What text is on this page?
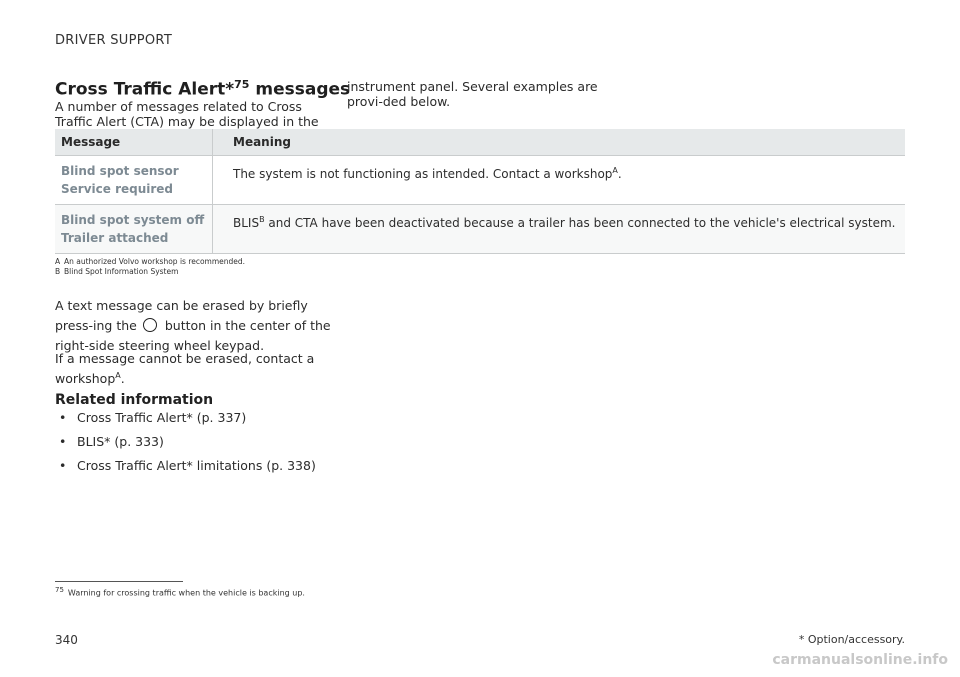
DRIVER SUPPORT
Cross Traffic Alert*$^{75}$ messages

A number of messages related to Cross Traffic Alert (CTA) may be displayed in the

instrument panel. Several examples are provi-ded below.

Message	Meaning

Blind spot sensor
Service required	The system is not functioning as intended. Contact a workshop$^A$.

Blind spot system off
Trailer attached	BLIS$^B$ and CTA have been deactivated because a trailer has been connected to the vehicle's electrical system.
A An authorized Volvo workshop is recommended.
B Blind Spot Information System

A text message can be erased by briefly press-ing the button in the center of the right-side steering wheel keypad.

If a message cannot be erased, contact a workshop$^A$.

Related information
• Cross Traffic Alert* (p. 337)
• BLIS* (p. 333)
• Cross Traffic Alert* limitations (p. 338)
$^{75}$ Warning for crossing traffic when the vehicle is backing up.
340	* Option/accessory.
carmanualsonline.info
